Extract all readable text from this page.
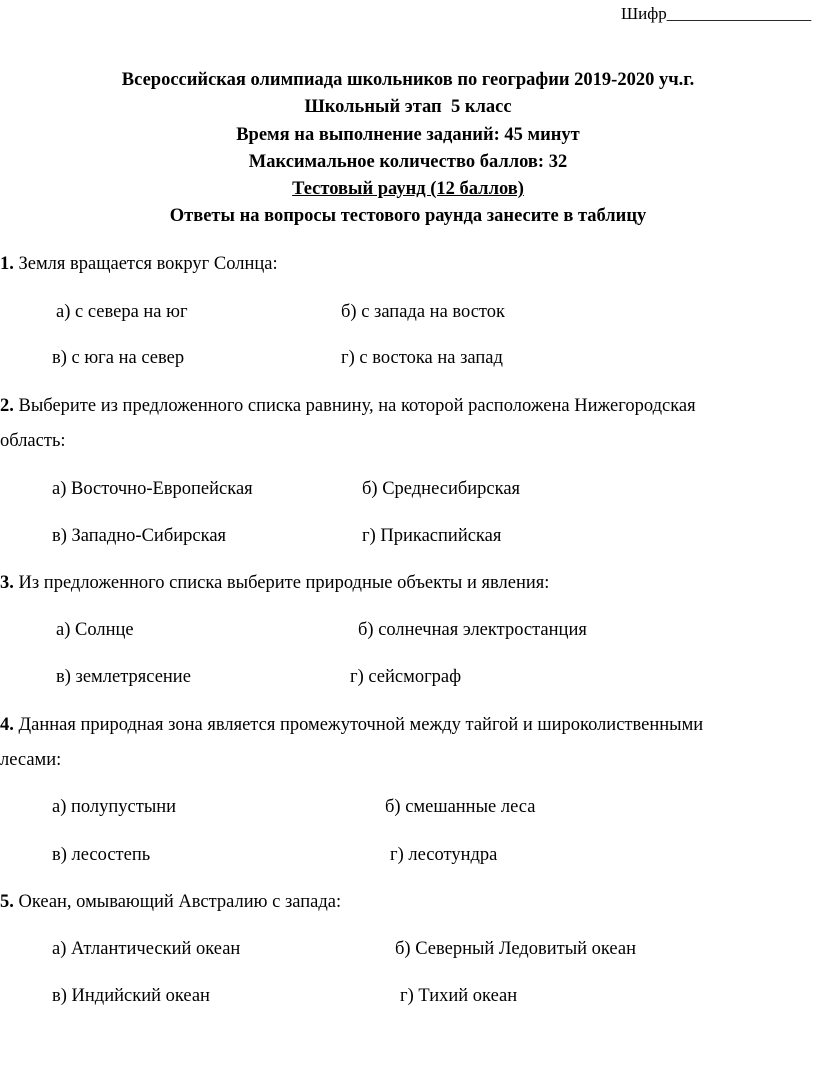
Шифр_________________
Всероссийская олимпиада школьников по географии 2019-2020 уч.г.
Школьный этап  5 класс
Время на выполнение заданий: 45 минут
Максимальное количество баллов: 32
Тестовый раунд (12 баллов)
Ответы на вопросы тестового раунда занесите в таблицу
1. Земля вращается вокруг Солнца:
а) с севера на юг	б) с запада на восток
в) с юга на север	г) с востока на запад
2. Выберите из предложенного списка равнину, на которой расположена Нижегородская
область:
а) Восточно-Европейская	б) Среднесибирская
в) Западно-Сибирская	г) Прикаспийская
3. Из предложенного списка выберите природные объекты и явления:
а) Солнце	б) солнечная электростанция
в) землетрясение	г) сейсмограф
4. Данная природная зона является промежуточной между тайгой и широколиственными
лесами:
а) полупустыни	б) смешанные леса
в) лесостепь	г) лесотундра
5. Океан, омывающий Австралию с запада:
а) Атлантический океан	б) Северный Ледовитый океан
в) Индийский океан	г) Тихий океан
